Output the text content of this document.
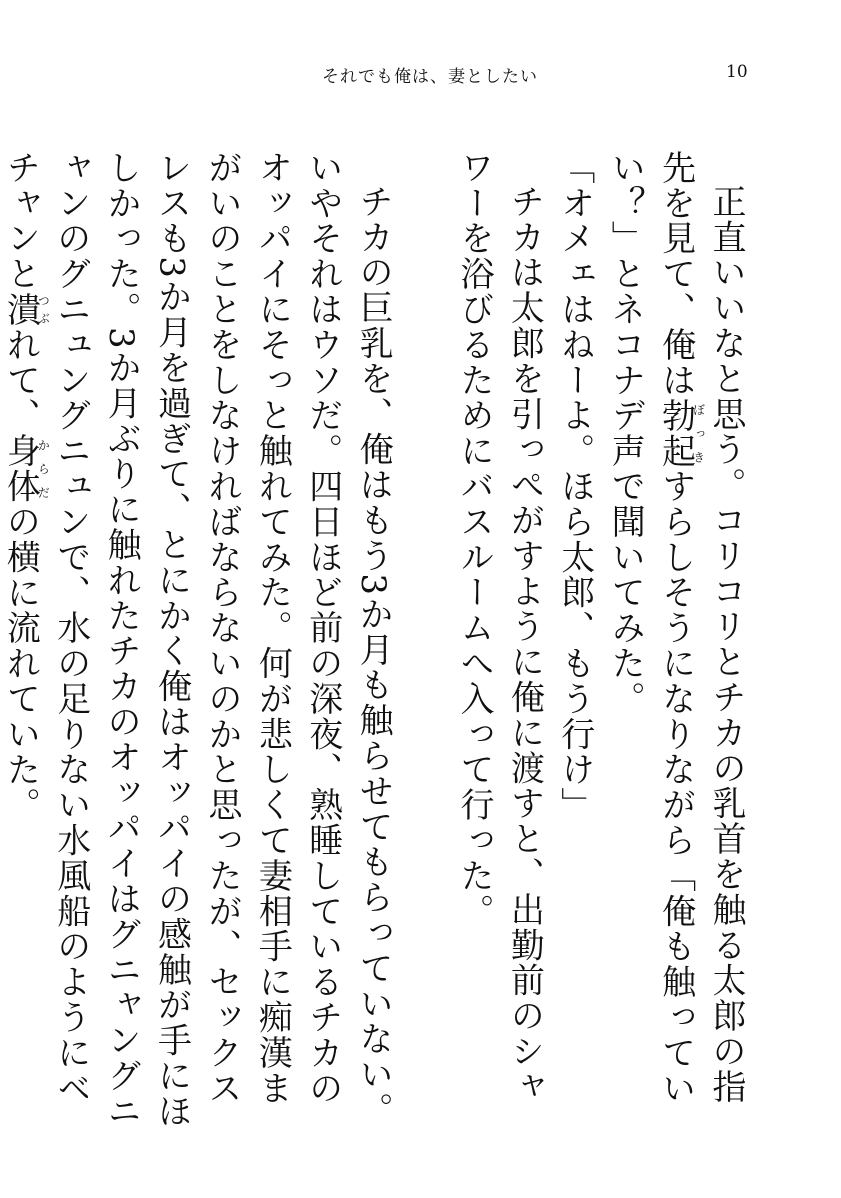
それでも俺は、妻としたい	10

正直いいなと思う。コリコリとチカの乳首を触る太郎の指先を見て、俺は勃起ぼっきすらしそうになりながら「俺も触っていい？」とネコナデ声で聞いてみた。

「オメェはねーよ。ほら太郎、もう行け」

チカは太郎を引っぺがすように俺に渡すと、出勤前のシャワーを浴びるためにバスルームへ入って行った。

チカの巨乳を、俺はもう3か月も触らせてもらっていない。いやそれはウソだ。四日ほど前の深夜、熟睡しているチカのオッパイにそっと触れてみた。何が悲しくて妻相手に痴漢まがいのことをしなければならないのかと思ったが、セックスレスも3か月を過ぎて、とにかく俺はオッパイの感触が手にほしかった。3か月ぶりに触れたチカのオッパイはグニャングニャンのグニュングニュンで、水の足りない水風船のようにベチャンと潰つぶれて、身体からだの横に流れていた。
